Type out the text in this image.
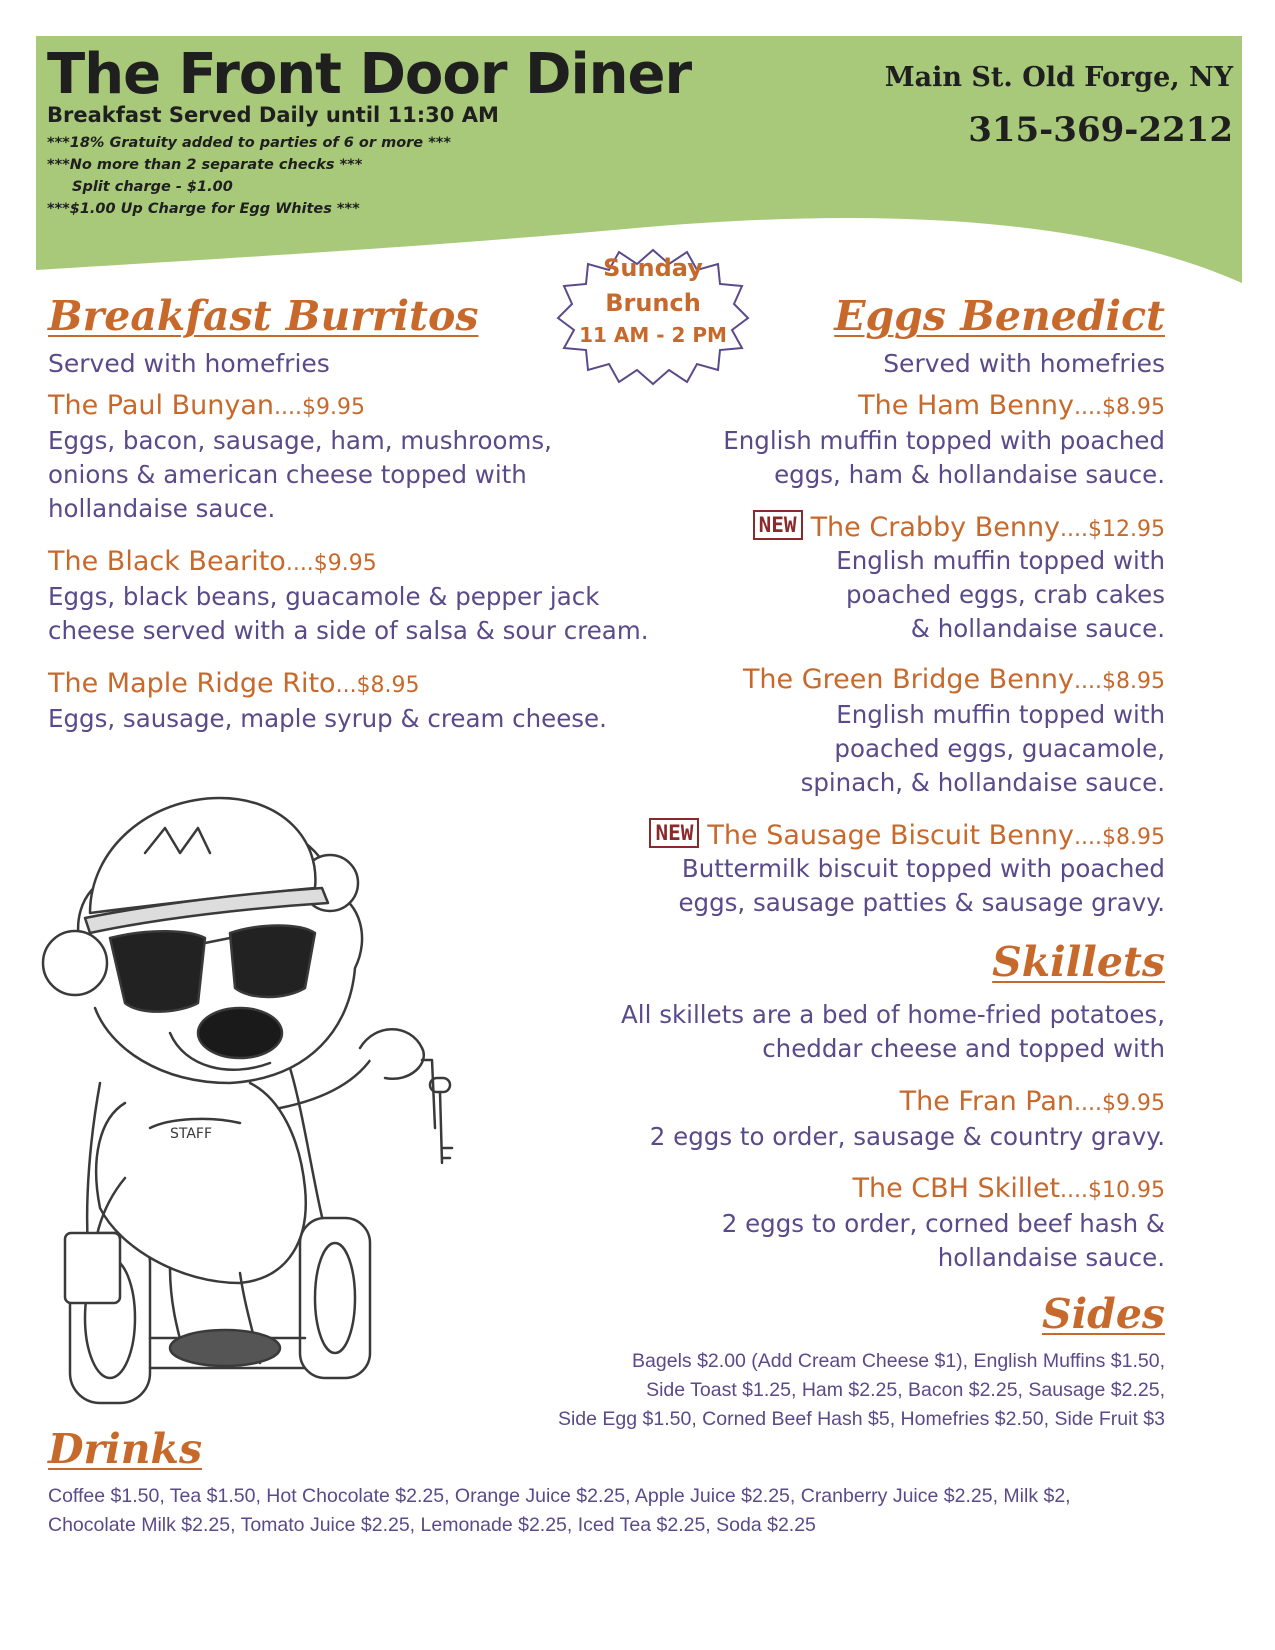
The Front Door Diner
Breakfast Served Daily until 11:30 AM
***18% Gratuity added to parties of 6 or more ***
***No more than 2 separate checks ***
Split charge - $1.00
***$1.00 Up Charge for Egg Whites ***
Main St. Old Forge, NY
315-369-2212
Sunday
Brunch
11 AM - 2 PM
Breakfast Burritos
Served with homefries
The Paul Bunyan....$9.95
Eggs, bacon, sausage, ham, mushrooms,
onions & american cheese topped with
hollandaise sauce.
The Black Bearito....$9.95
Eggs, black beans, guacamole & pepper jack
cheese served with a side of salsa & sour cream.
The Maple Ridge Rito...$8.95
Eggs, sausage, maple syrup & cream cheese.
Eggs Benedict
Served with homefries
The Ham Benny....$8.95
English muffin topped with poached
eggs, ham & hollandaise sauce.
NEW The Crabby Benny....$12.95
English muffin topped with
poached eggs, crab cakes
& hollandaise sauce.
The Green Bridge Benny....$8.95
English muffin topped with
poached eggs, guacamole,
spinach, & hollandaise sauce.
NEW The Sausage Biscuit Benny....$8.95
Buttermilk biscuit topped with poached
eggs, sausage patties & sausage gravy.
Skillets
All skillets are a bed of home-fried potatoes,
cheddar cheese and topped with
The Fran Pan....$9.95
2 eggs to order, sausage & country gravy.
The CBH Skillet....$10.95
2 eggs to order, corned beef hash &
hollandaise sauce.
Sides
Bagels $2.00 (Add Cream Cheese $1), English Muffins $1.50,
Side Toast $1.25, Ham $2.25, Bacon $2.25, Sausage $2.25,
Side Egg $1.50, Corned Beef Hash $5, Homefries $2.50, Side Fruit $3
Drinks
Coffee $1.50, Tea $1.50, Hot Chocolate $2.25, Orange Juice $2.25, Apple Juice $2.25, Cranberry Juice $2.25, Milk $2,
Chocolate Milk $2.25, Tomato Juice $2.25, Lemonade $2.25, Iced Tea $2.25, Soda $2.25
STAFF
